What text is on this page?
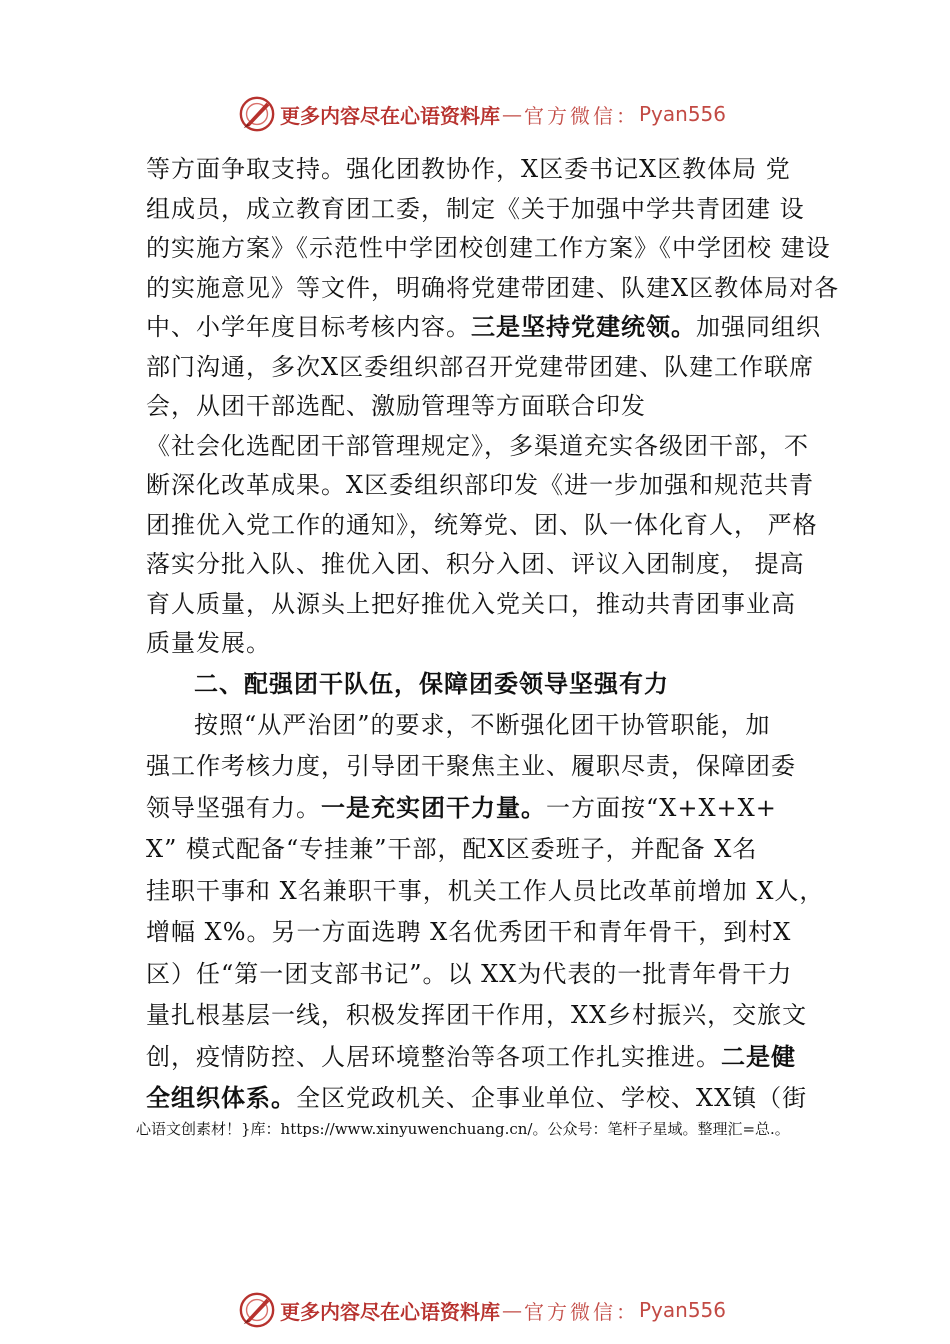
更多内容尽在心语资料库 — 官方微信： Pyan556
等方面争取支持。强化团教协作，X区委书记X区教体局 党
组成员，成立教育团工委，制定《关于加强中学共青团建 设
的实施方案》《示范性中学团校创建工作方案》《中学团校 建设
的实施意见》等文件，明确将党建带团建、队建X区教体局对各
中、小学年度目标考核内容。三是坚持党建统领。加强同组织
部门沟通，多次X区委组织部召开党建带团建、队建工作联席
会，从团干部选配、激励管理等方面联合印发
《社会化选配团干部管理规定》，多渠道充实各级团干部，不
断深化改革成果。X区委组织部印发《进一步加强和规范共青
团推优入党工作的通知》，统筹党、团、队一体化育人， 严格
落实分批入队、推优入团、积分入团、评议入团制度， 提高
育人质量，从源头上把好推优入党关口，推动共青团事业高
质量发展。
二、配强团干队伍，保障团委领导坚强有力
按照“从严治团”的要求，不断强化团干协管职能，加
强工作考核力度，引导团干聚焦主业、履职尽责，保障团委
领导坚强有力。一是充实团干力量。一方面按“X+X+X+
X” 模式配备“专挂兼”干部，配X区委班子，并配备 X名
挂职干事和 X名兼职干事，机关工作人员比改革前增加 X人，
增幅 X%。另一方面选聘 X名优秀团干和青年骨干，到村X
区）任“第一团支部书记”。以 XX为代表的一批青年骨干力
量扎根基层一线，积极发挥团干作用，XX乡村振兴，交旅文
创，疫情防控、人居环境整治等各项工作扎实推进。二是健
全组织体系。全区党政机关、企事业单位、学校、XX镇（街
心语文创素材！}库：https://www.xinyuwenchuang.cn/。公众号：笔杆子星域。整理汇=总.。
更多内容尽在心语资料库 — 官方微信： Pyan556
